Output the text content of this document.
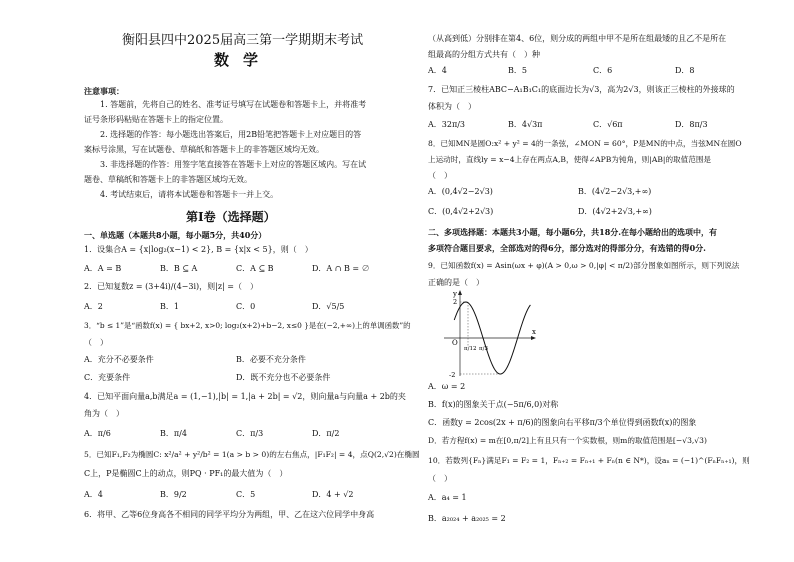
衡阳县四中2025届高三第一学期期末考试
数学
注意事项：
1. 答题前，先将自己的姓名、准考证号填写在试题卷和答题卡上，并将准考
证号条形码粘贴在答题卡上的指定位置。
2. 选择题的作答：每小题选出答案后，用2B铅笔把答题卡上对应题目的答
案标号涂黑，写在试题卷、草稿纸和答题卡上的非答题区域均无效。
3. 非选择题的作答：用签字笔直接答在答题卡上对应的答题区域内。写在试
题卷、草稿纸和答题卡上的非答题区域均无效。
4. 考试结束后，请将本试题卷和答题卡一并上交。
第Ⅰ卷（选择题）
一、单选题（本题共8小题，每小题5分，共40分）
1．设集合A = {x|log₂(x−1) < 2}, B = {x|x < 5}，则（　）
A．A = B	B．B ⊆ A	C．A ⊆ B	D．A ∩ B = ∅
2．已知复数z = (3+4i)/(4−3i)，则|z| =（　）
A．2	B．1	C．0	D．√5/5
3．“b ≤ 1”是“函数f(x) = { bx+2, x>0; log₂(x+2)+b−2, x≤0 }是在(−2,+∞)上的单调函数”的
（　）
A．充分不必要条件	B．必要不充分条件
C．充要条件	D．既不充分也不必要条件
4．已知平面向量a,b满足a = (1,−1),|b| = 1,|a + 2b| = √2，则向量a与向量a + 2b的夹
角为（　）
A．π/6	B．π/4	C．π/3	D．π/2
5．已知F₁,F₂为椭圆C: x²/a² + y²/b² = 1(a > b > 0)的左右焦点，|F₁F₂| = 4，点Q(2,√2)在椭圆
C上，P是椭圆C上的动点，则PQ · PF₁的最大值为（　）
A．4	B．9/2	C．5	D．4 + √2
6．将甲、乙等6位身高各不相同的同学平均分为两组，甲、乙在这六位同学中身高
（从高到低）分别排在第4、6位，则分成的两组中甲不是所在组最矮的且乙不是所在
组最高的分组方式共有（　）种
A．4	B．5	C．6	D．8
7．已知正三棱柱ABC−A₁B₁C₁的底面边长为√3，高为2√3，则该正三棱柱的外接球的
体积为（　）
A．32π/3	B．4√3π	C．√6π	D．8π/3
8．已知MN是圆O:x² + y² = 4的一条弦，∠MON = 60°，P是MN的中点，当弦MN在圆O
上运动时，直线ly = x−4上存在两点A,B，使得∠APB为钝角，则|AB|的取值范围是
（　）
A．(0,4√2−2√3)	B．(4√2−2√3,+∞)
C．(0,4√2+2√3)	D．(4√2+2√3,+∞)
二、多项选择题：本题共3小题，每小题6分，共18分.在每小题给出的选项中，有
多项符合题目要求，全部选对的得6分，部分选对的得部分分，有选错的得0分.
9．已知函数f(x) = Asin(ωx + φ)(A > 0,ω > 0,|φ| < π/2)部分图象如图所示，则下列说法
正确的是（　）
y
x
O
2
-2
π/12 π/3
A．ω = 2
B．f(x)的图象关于点(−5π/6,0)对称
C．函数y = 2cos(2x + π/6)的图象向右平移π/3个单位得到函数f(x)的图象
D．若方程f(x) = m在[0,π/2]上有且只有一个实数根，则m的取值范围是[−√3,√3)
10．若数列{Fₙ}满足F₁ = F₂ = 1，Fₙ₊₂ = Fₙ₊₁ + Fₙ(n ∈ N*)，设aₙ = (−1)^(FₙFₙ₊₁)，则
（　）
A．a₄ = 1
B．a₂₀₂₄ + a₂₀₂₅ = 2
